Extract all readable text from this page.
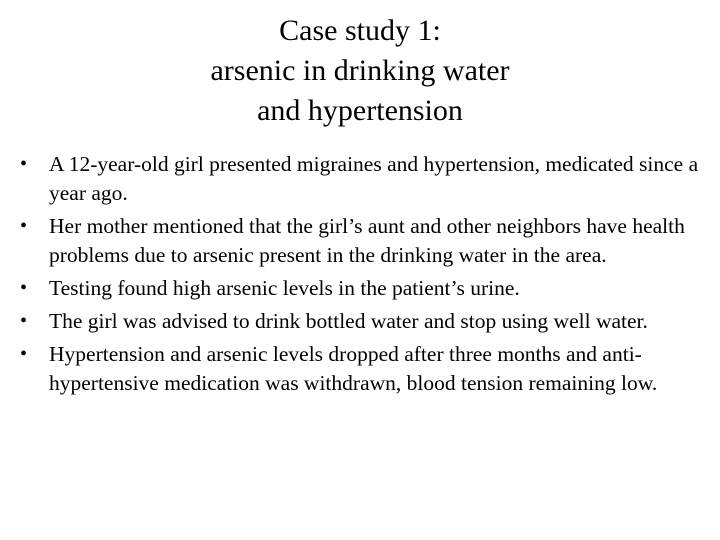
Case study 1:
arsenic in drinking water
and hypertension
•	A 12-year-old girl presented migraines and hypertension, medicated since a year ago.
•	Her mother mentioned that the girl’s aunt and other neighbors have health problems due to arsenic present in the drinking water in the area.
•	Testing found high arsenic levels in the patient’s urine.
•	The girl was advised to drink bottled water and stop using well water.
•	Hypertension and arsenic levels dropped after three months and anti-hypertensive medication was withdrawn, blood tension remaining low.
